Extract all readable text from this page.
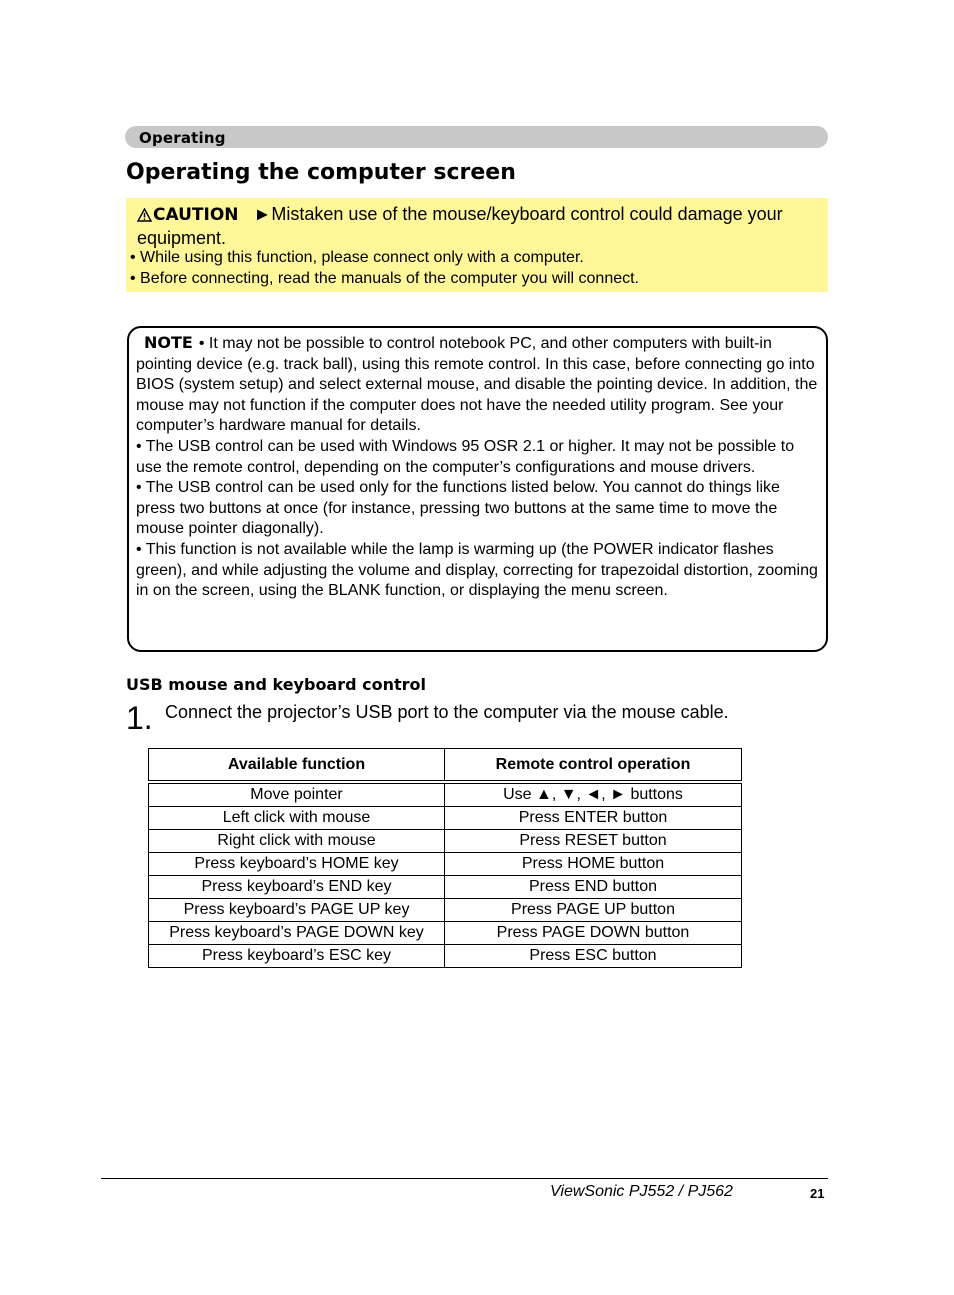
Operating
Operating the computer screen
CAUTION ►Mistaken use of the mouse/keyboard control could damage your equipment.
• While using this function, please connect only with a computer.
• Before connecting, read the manuals of the computer you will connect.
NOTE • It may not be possible to control notebook PC, and other computers with built-in pointing device (e.g. track ball), using this remote control. In this case, before connecting go into BIOS (system setup) and select external mouse, and disable the pointing device. In addition, the mouse may not function if the computer does not have the needed utility program. See your computer’s hardware manual for details.
• The USB control can be used with Windows 95 OSR 2.1 or higher. It may not be possible to use the remote control, depending on the computer’s configurations and mouse drivers.
• The USB control can be used only for the functions listed below. You cannot do things like press two buttons at once (for instance, pressing two buttons at the same time to move the mouse pointer diagonally).
• This function is not available while the lamp is warming up (the POWER indicator flashes green), and while adjusting the volume and display, correcting for trapezoidal distortion, zooming in on the screen, using the BLANK function, or displaying the menu screen.
USB mouse and keyboard control
1. Connect the projector’s USB port to the computer via the mouse cable.
Available function	Remote control operation
Move pointer	Use ▲, ▼, ◄, ► buttons
Left click with mouse	Press ENTER button
Right click with mouse	Press RESET button
Press keyboard’s HOME key	Press HOME button
Press keyboard’s END key	Press END button
Press keyboard’s PAGE UP key	Press PAGE UP button
Press keyboard’s PAGE DOWN key	Press PAGE DOWN button
Press keyboard’s ESC key	Press ESC button
ViewSonic PJ552 / PJ562	21
